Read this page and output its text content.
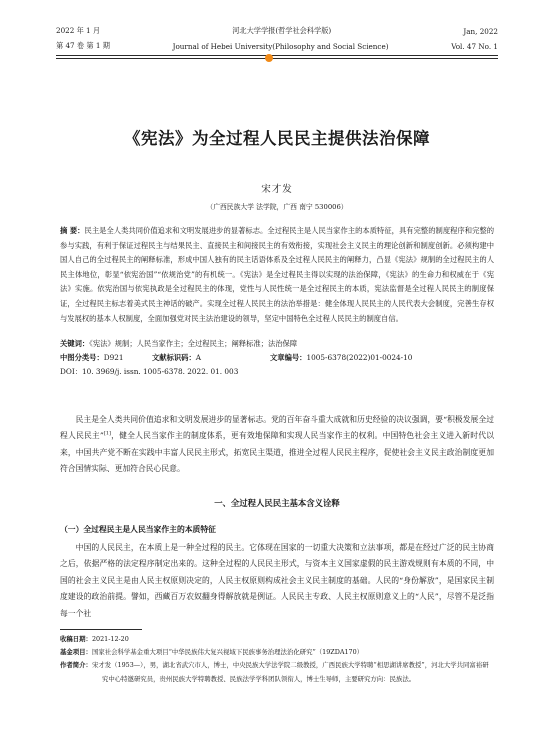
2022 年 1 月	河北大学学报(哲学社会科学版)	Jan, 2022
第 47 卷 第 1 期	Journal of Hebei University(Philosophy and Social Science)	Vol. 47 No. 1
《宪法》为全过程人民民主提供法治保障
宋才发
（广西民族大学 法学院，广西 南宁 530006）

摘 要：民主是全人类共同价值追求和文明发展进步的显著标志。全过程民主是人民当家作主的本质特征，具有完整的制度程序和完整的参与实践，有利于保证过程民主与结果民主、直接民主和间接民主的有效衔接，实现社会主义民主的理论创新和制度创新。必须构建中国人自己的全过程民主的阐释标准，形成中国人独有的民主话语体系及全过程人民民主的阐释力，凸显《宪法》规制的全过程民主的人民主体地位，彰显“依宪治国”“依规治党”的有机统一。《宪法》是全过程民主得以实现的法治保障，《宪法》的生命力和权威在于《宪法》实施。依宪治国与依宪执政是全过程民主的体现，党性与人民性统一是全过程民主的本质，宪法监督是全过程人民民主的制度保证，全过程民主标志着美式民主神话的破产。实现全过程人民民主的法治举措是：健全体现人民民主的人民代表大会制度，完善生存权与发展权的基本人权制度，全面加强党对民主法治建设的领导，坚定中国特色全过程人民民主的制度自信。

关键词：《宪法》规制；人民当家作主；全过程民主；阐释标准；法治保障

中图分类号：D921	文献标识码：A	文章编号：1005-6378(2022)01-0024-10

DOI：10. 3969/j. issn. 1005-6378. 2022. 01. 003

民主是全人类共同价值追求和文明发展进步的显著标志。党的百年奋斗重大成就和历史经验的决议强调，要“积极发展全过程人民民主”[1]，健全人民当家作主的制度体系，更有效地保障和实现人民当家作主的权利。中国特色社会主义进入新时代以来，中国共产党不断在实践中丰富人民民主形式，拓宽民主渠道，推进全过程人民民主程序，促使社会主义民主政治制度更加符合国情实际、更加符合民心民意。

一、全过程人民民主基本含义诠释

（一）全过程民主是人民当家作主的本质特征

中国的人民民主，在本质上是一种全过程的民主。它体现在国家的一切重大决策和立法事项，都是在经过广泛的民主协商之后，依据严格的法定程序制定出来的。这种全过程的人民民主形式，与资本主义国家虚假的民主游戏规则有本质的不同，中国的社会主义民主是由人民主权原则决定的，人民主权原则构成社会主义民主制度的基础。人民的“身份解放”，是国家民主制度建设的政治前提。譬如，西藏百万农奴翻身得解放就是例证。人民民主专政、人民主权原则意义上的“人民”，尽管不是泛指每一个社

收稿日期：2021-12-20

基金项目：国家社会科学基金重大项目“中华民族伟大复兴视域下民族事务治理法治化研究”（19ZDA170）

作者简介：宋才发（1953—），男，湖北省武穴市人，博士，中央民族大学法学院二级教授，广西民族大学特聘“相思湖讲席教授”，河北大学共同富裕研究中心特邀研究员，贵州民族大学特聘教授、民族法学学科团队领衔人，博士生导师，主要研究方向：民族法。
